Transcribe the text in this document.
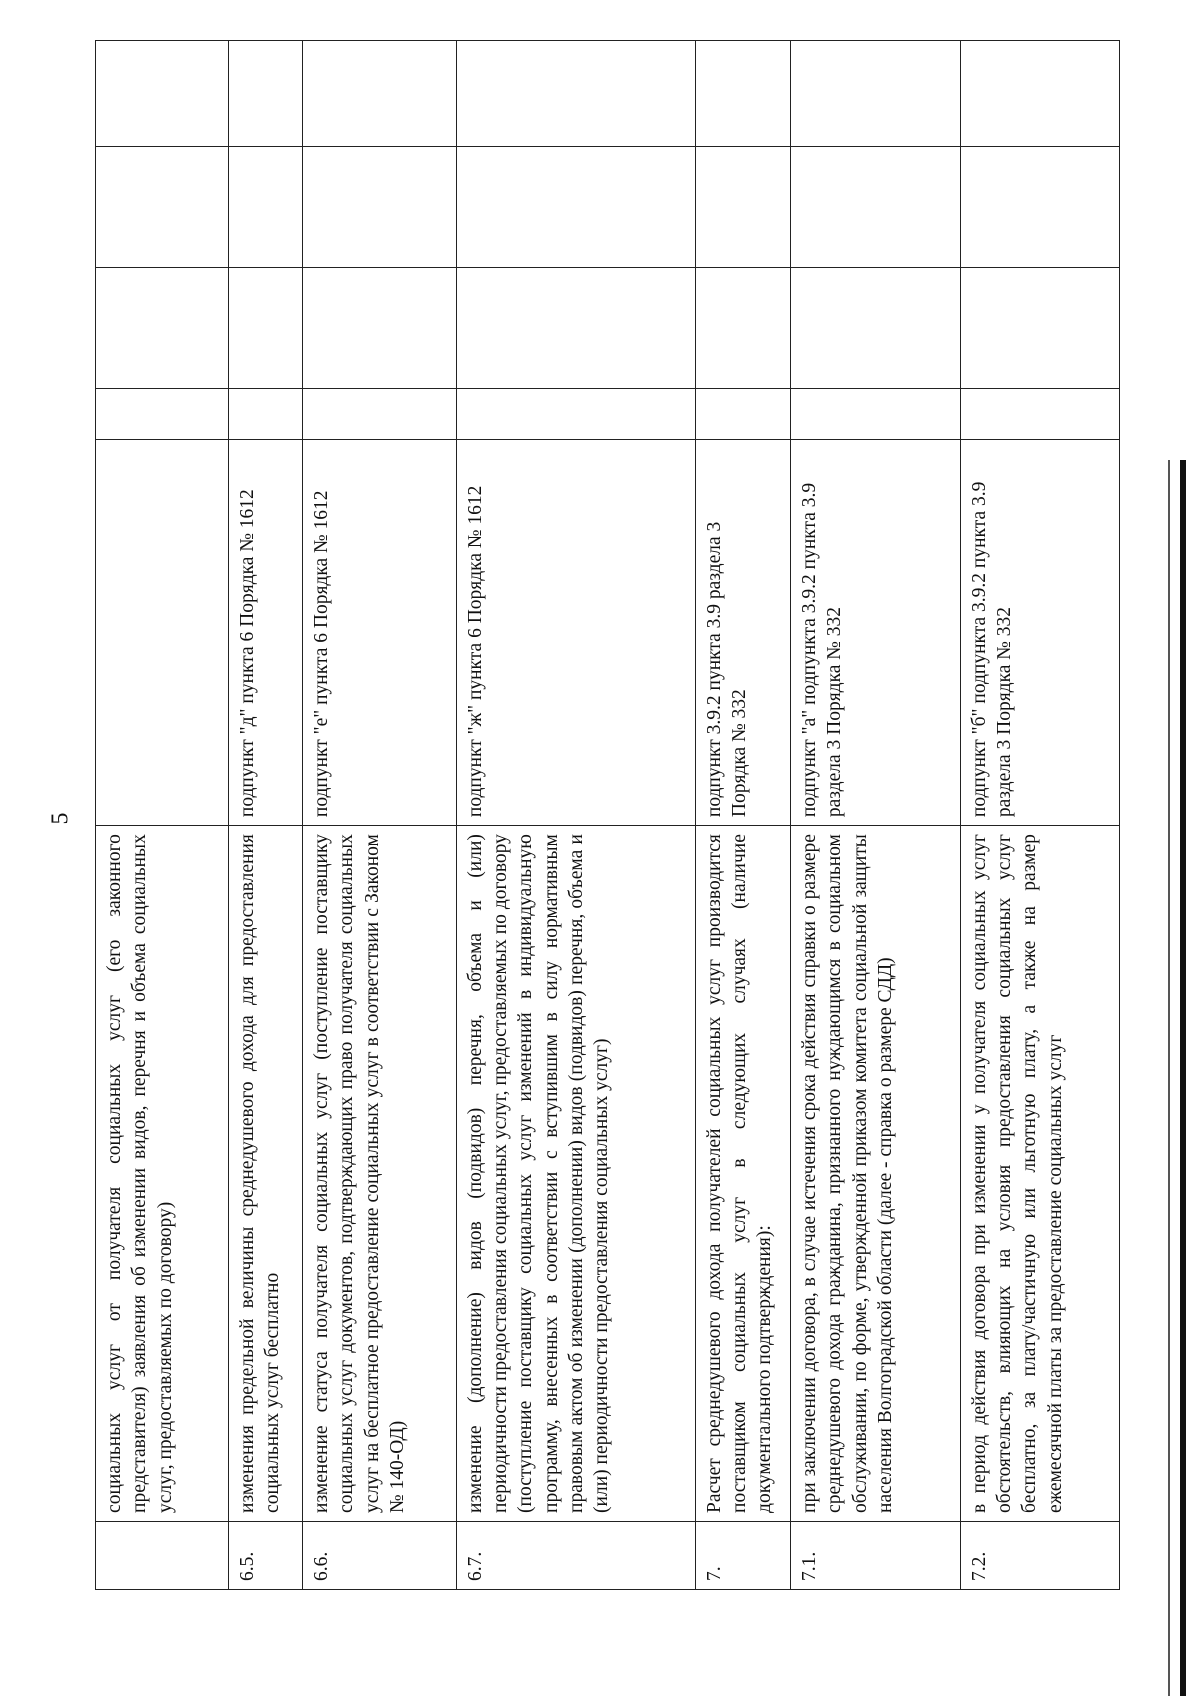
5
	социальных услуг от получателя социальных услуг (его законного представителя) заявления об изменении видов, перечня и объема социальных услуг, предоставляемых по договору)					
6.5.	изменения предельной величины среднедушевого дохода для предоставления социальных услуг бесплатно	подпункт "д" пункта 6 Порядка № 1612				
6.6.	изменение статуса получателя социальных услуг (поступление поставщику социальных услуг документов, подтверждающих право получателя социальных услуг на бесплатное предоставление социальных услуг в соответствии с Законом № 140-ОД)	подпункт "е" пункта 6 Порядка № 1612				
6.7.	изменение (дополнение) видов (подвидов) перечня, объема и (или) периодичности предоставления социальных услуг, предоставляемых по договору (поступление поставщику социальных услуг изменений в индивидуальную программу, внесенных в соответствии с вступившим в силу нормативным правовым актом об изменении (дополнении) видов (подвидов) перечня, объема и (или) периодичности предоставления социальных услуг)	подпункт "ж" пункта 6 Порядка № 1612				
7.	Расчет среднедушевого дохода получателей социальных услуг производится поставщиком социальных услуг в следующих случаях (наличие документального подтверждения):	подпункт 3.9.2 пункта 3.9 раздела 3 Порядка № 332				
7.1.	при заключении договора, в случае истечения срока действия справки о размере среднедушевого дохода гражданина, признанного нуждающимся в социальном обслуживании, по форме, утвержденной приказом комитета социальной защиты населения Волгоградской области (далее - справка о размере СДД)	подпункт "а" подпункта 3.9.2 пункта 3.9 раздела 3 Порядка № 332				
7.2.	в период действия договора при изменении у получателя социальных услуг обстоятельств, влияющих на условия предоставления социальных услуг бесплатно, за плату/частичную или льготную плату, а также на размер ежемесячной платы за предоставление социальных услуг	подпункт "б" подпункта 3.9.2 пункта 3.9 раздела 3 Порядка № 332				
